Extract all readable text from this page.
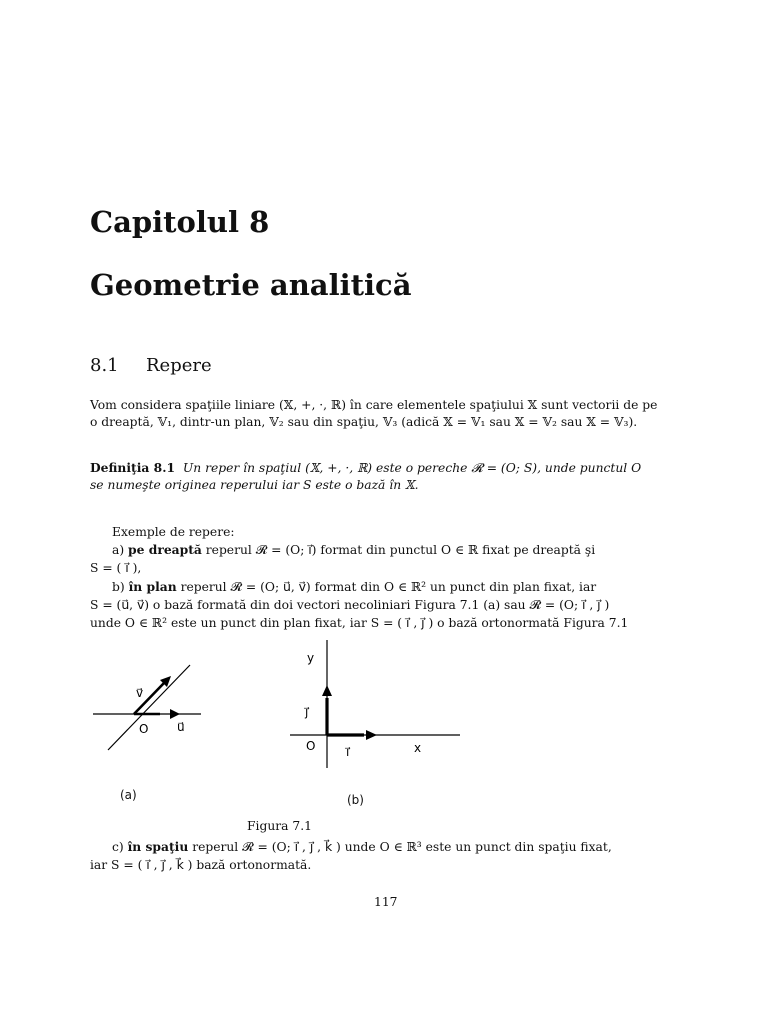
Capitolul 8
Geometrie analitică
8.1 Repere
Vom considera spaţiile liniare (𝕏, +, ·, ℝ) în care elementele spaţiului 𝕏 sunt vectorii de pe
o dreaptă, 𝕍₁, dintr-un plan, 𝕍₂ sau din spaţiu, 𝕍₃ (adică 𝕏 = 𝕍₁ sau 𝕏 = 𝕍₂ sau 𝕏 = 𝕍₃).
Definiţia 8.1 Un reper în spaţiul (𝕏, +, ·, ℝ) este o pereche 𝓡 = (O; S), unde punctul O
se numeşte originea reperului iar S este o bază în 𝕏.
Exemple de repere:
a) pe dreaptă reperul 𝓡 = (O; i⃗) format din punctul O ∈ ℝ fixat pe dreaptă şi
S = ( i⃗ ),
b) în plan reperul 𝓡 = (O; u⃗, v⃗) format din O ∈ ℝ² un punct din plan fixat, iar
S = (u⃗, v⃗) o bază formată din doi vectori necoliniari Figura 7.1 (a) sau 𝓡 = (O; i⃗ , j⃗ )
unde O ∈ ℝ² este un punct din plan fixat, iar S = ( i⃗ , j⃗ ) o bază ortonormată Figura 7.1
v⃗
O u⃗
(a)
y
j⃗
O	i⃗	x
(b)
Figura 7.1
c) în spaţiu reperul 𝓡 = (O; i⃗ , j⃗ , k⃗ ) unde O ∈ ℝ³ este un punct din spaţiu fixat,
iar S = ( i⃗ , j⃗ , k⃗ ) bază ortonormată.
117
